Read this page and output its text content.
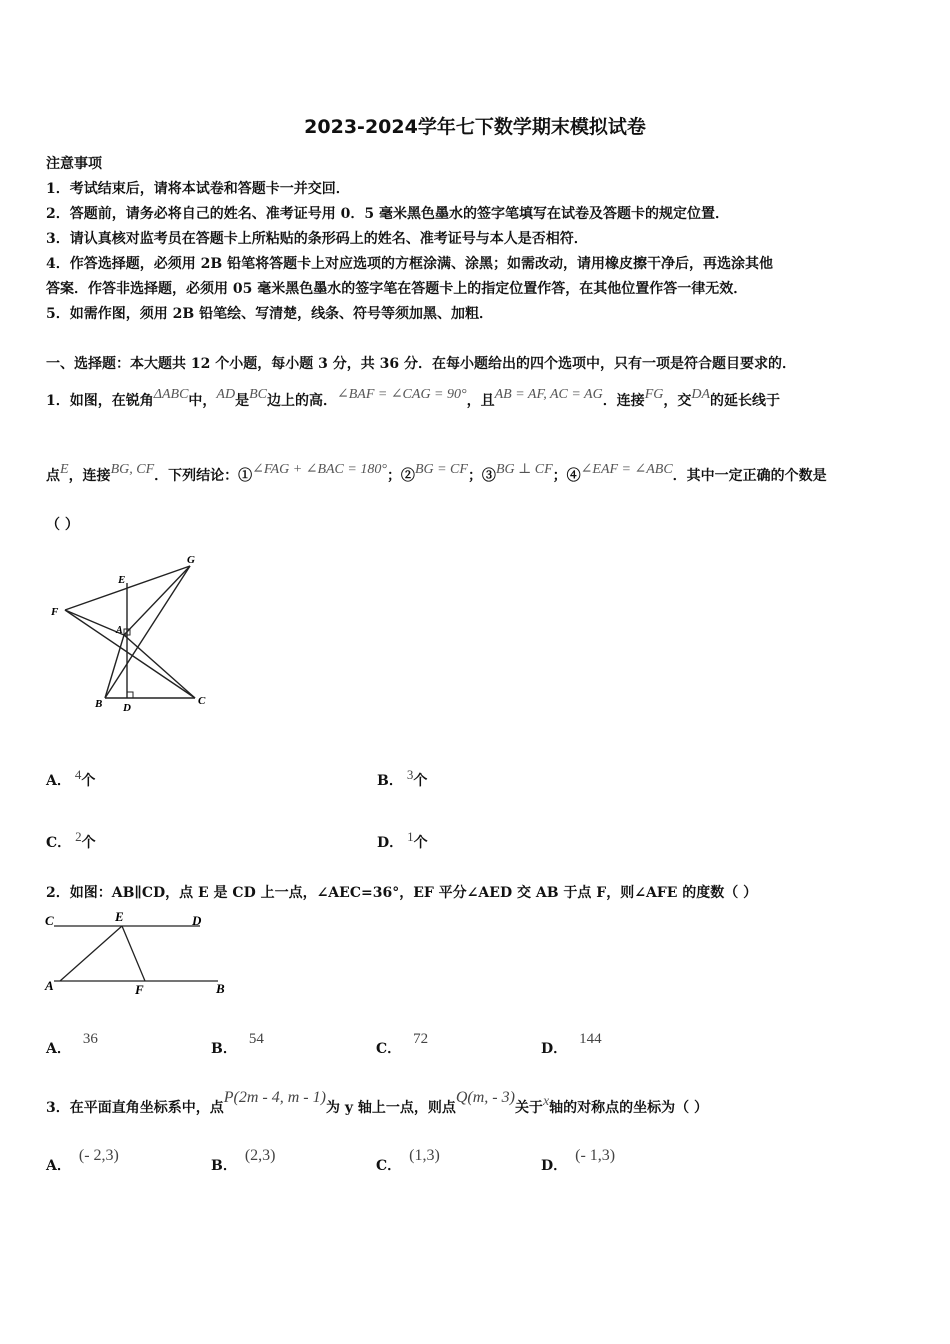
2023-2024学年七下数学期末模拟试卷
注意事项
1．考试结束后，请将本试卷和答题卡一并交回．
2．答题前，请务必将自己的姓名、准考证号用 0．5 毫米黑色墨水的签字笔填写在试卷及答题卡的规定位置．
3．请认真核对监考员在答题卡上所粘贴的条形码上的姓名、准考证号与本人是否相符．
4．作答选择题，必须用 2B 铅笔将答题卡上对应选项的方框涂满、涂黑；如需改动，请用橡皮擦干净后，再选涂其他
答案．作答非选择题，必须用 05 毫米黑色墨水的签字笔在答题卡上的指定位置作答，在其他位置作答一律无效．
5．如需作图，须用 2B 铅笔绘、写清楚，线条、符号等须加黑、加粗．
一、选择题：本大题共 12 个小题，每小题 3 分，共 36 分．在每小题给出的四个选项中，只有一项是符合题目要求的．
1．如图，在锐角ΔABC中，AD是BC边上的高．∠BAF = ∠CAG = 90°，且AB = AF, AC = AG．连接FG，交DA的延长线于
点E，连接BG, CF．下列结论：①∠FAG + ∠BAC = 180°；②BG = CF；③BG ⊥ CF；④∠EAF = ∠ABC．其中一定正确的个数是
（ ）
G
E
F
A
B D
C
A． 4个	B． 3个
C． 2个	D． 1个
2．如图：AB∥CD，点 E 是 CD 上一点，∠AEC=36°，EF 平分∠AED 交 AB 于点 F，则∠AFE 的度数（ ）
C	E	D
A	F	B
A．36
B．54
C．72
D．144
3．在平面直角坐标系中，点P(2m - 4, m - 1)为 y 轴上一点，则点Q(m, - 3)关于x轴的对称点的坐标为（ ）
A．(- 2,3)
B．(2,3)
C．(1,3)
D．(- 1,3)
